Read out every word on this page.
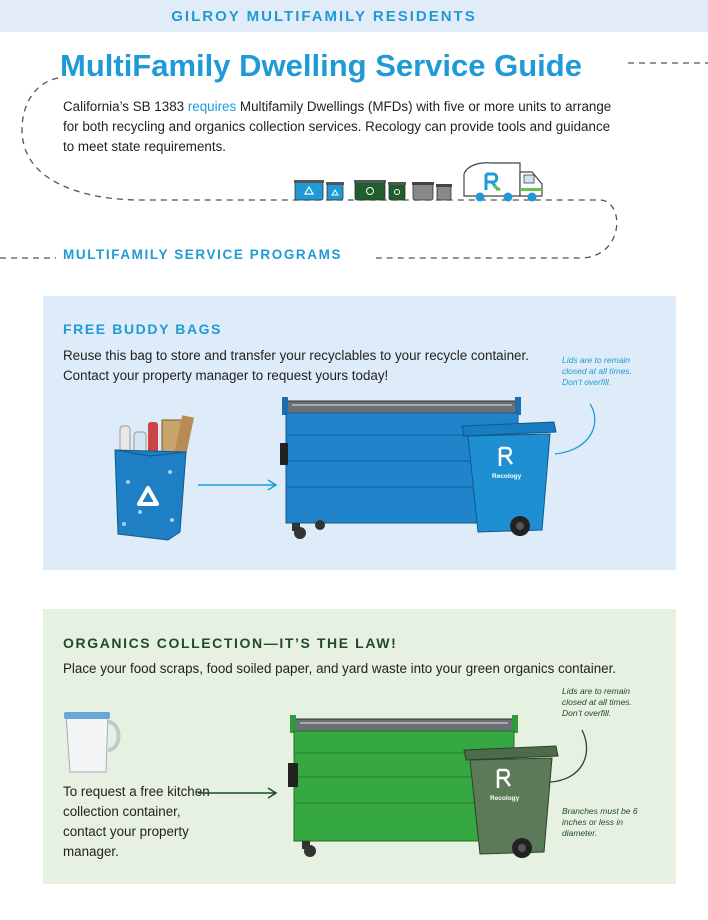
GILROY MULTIFAMILY RESIDENTS
MultiFamily Dwelling Service Guide
California’s SB 1383 requires Multifamily Dwellings (MFDs) with five or more units to arrange for both recycling and organics collection services. Recology can provide tools and guidance to meet state requirements.
MULTIFAMILY SERVICE PROGRAMS
FREE BUDDY BAGS
Reuse this bag to store and transfer your recyclables to your recycle container. Contact your property manager to request yours today!
Lids are to remain closed at all times. Don’t overfill.
Recology
ORGANICS COLLECTION—IT’S THE LAW!
Place your food scraps, food soiled paper, and yard waste into your green organics container.
To request a free kitchen collection container, contact your property manager.
Lids are to remain closed at all times. Don’t overfill.
Branches must be 6 inches or less in diameter.
Recology
